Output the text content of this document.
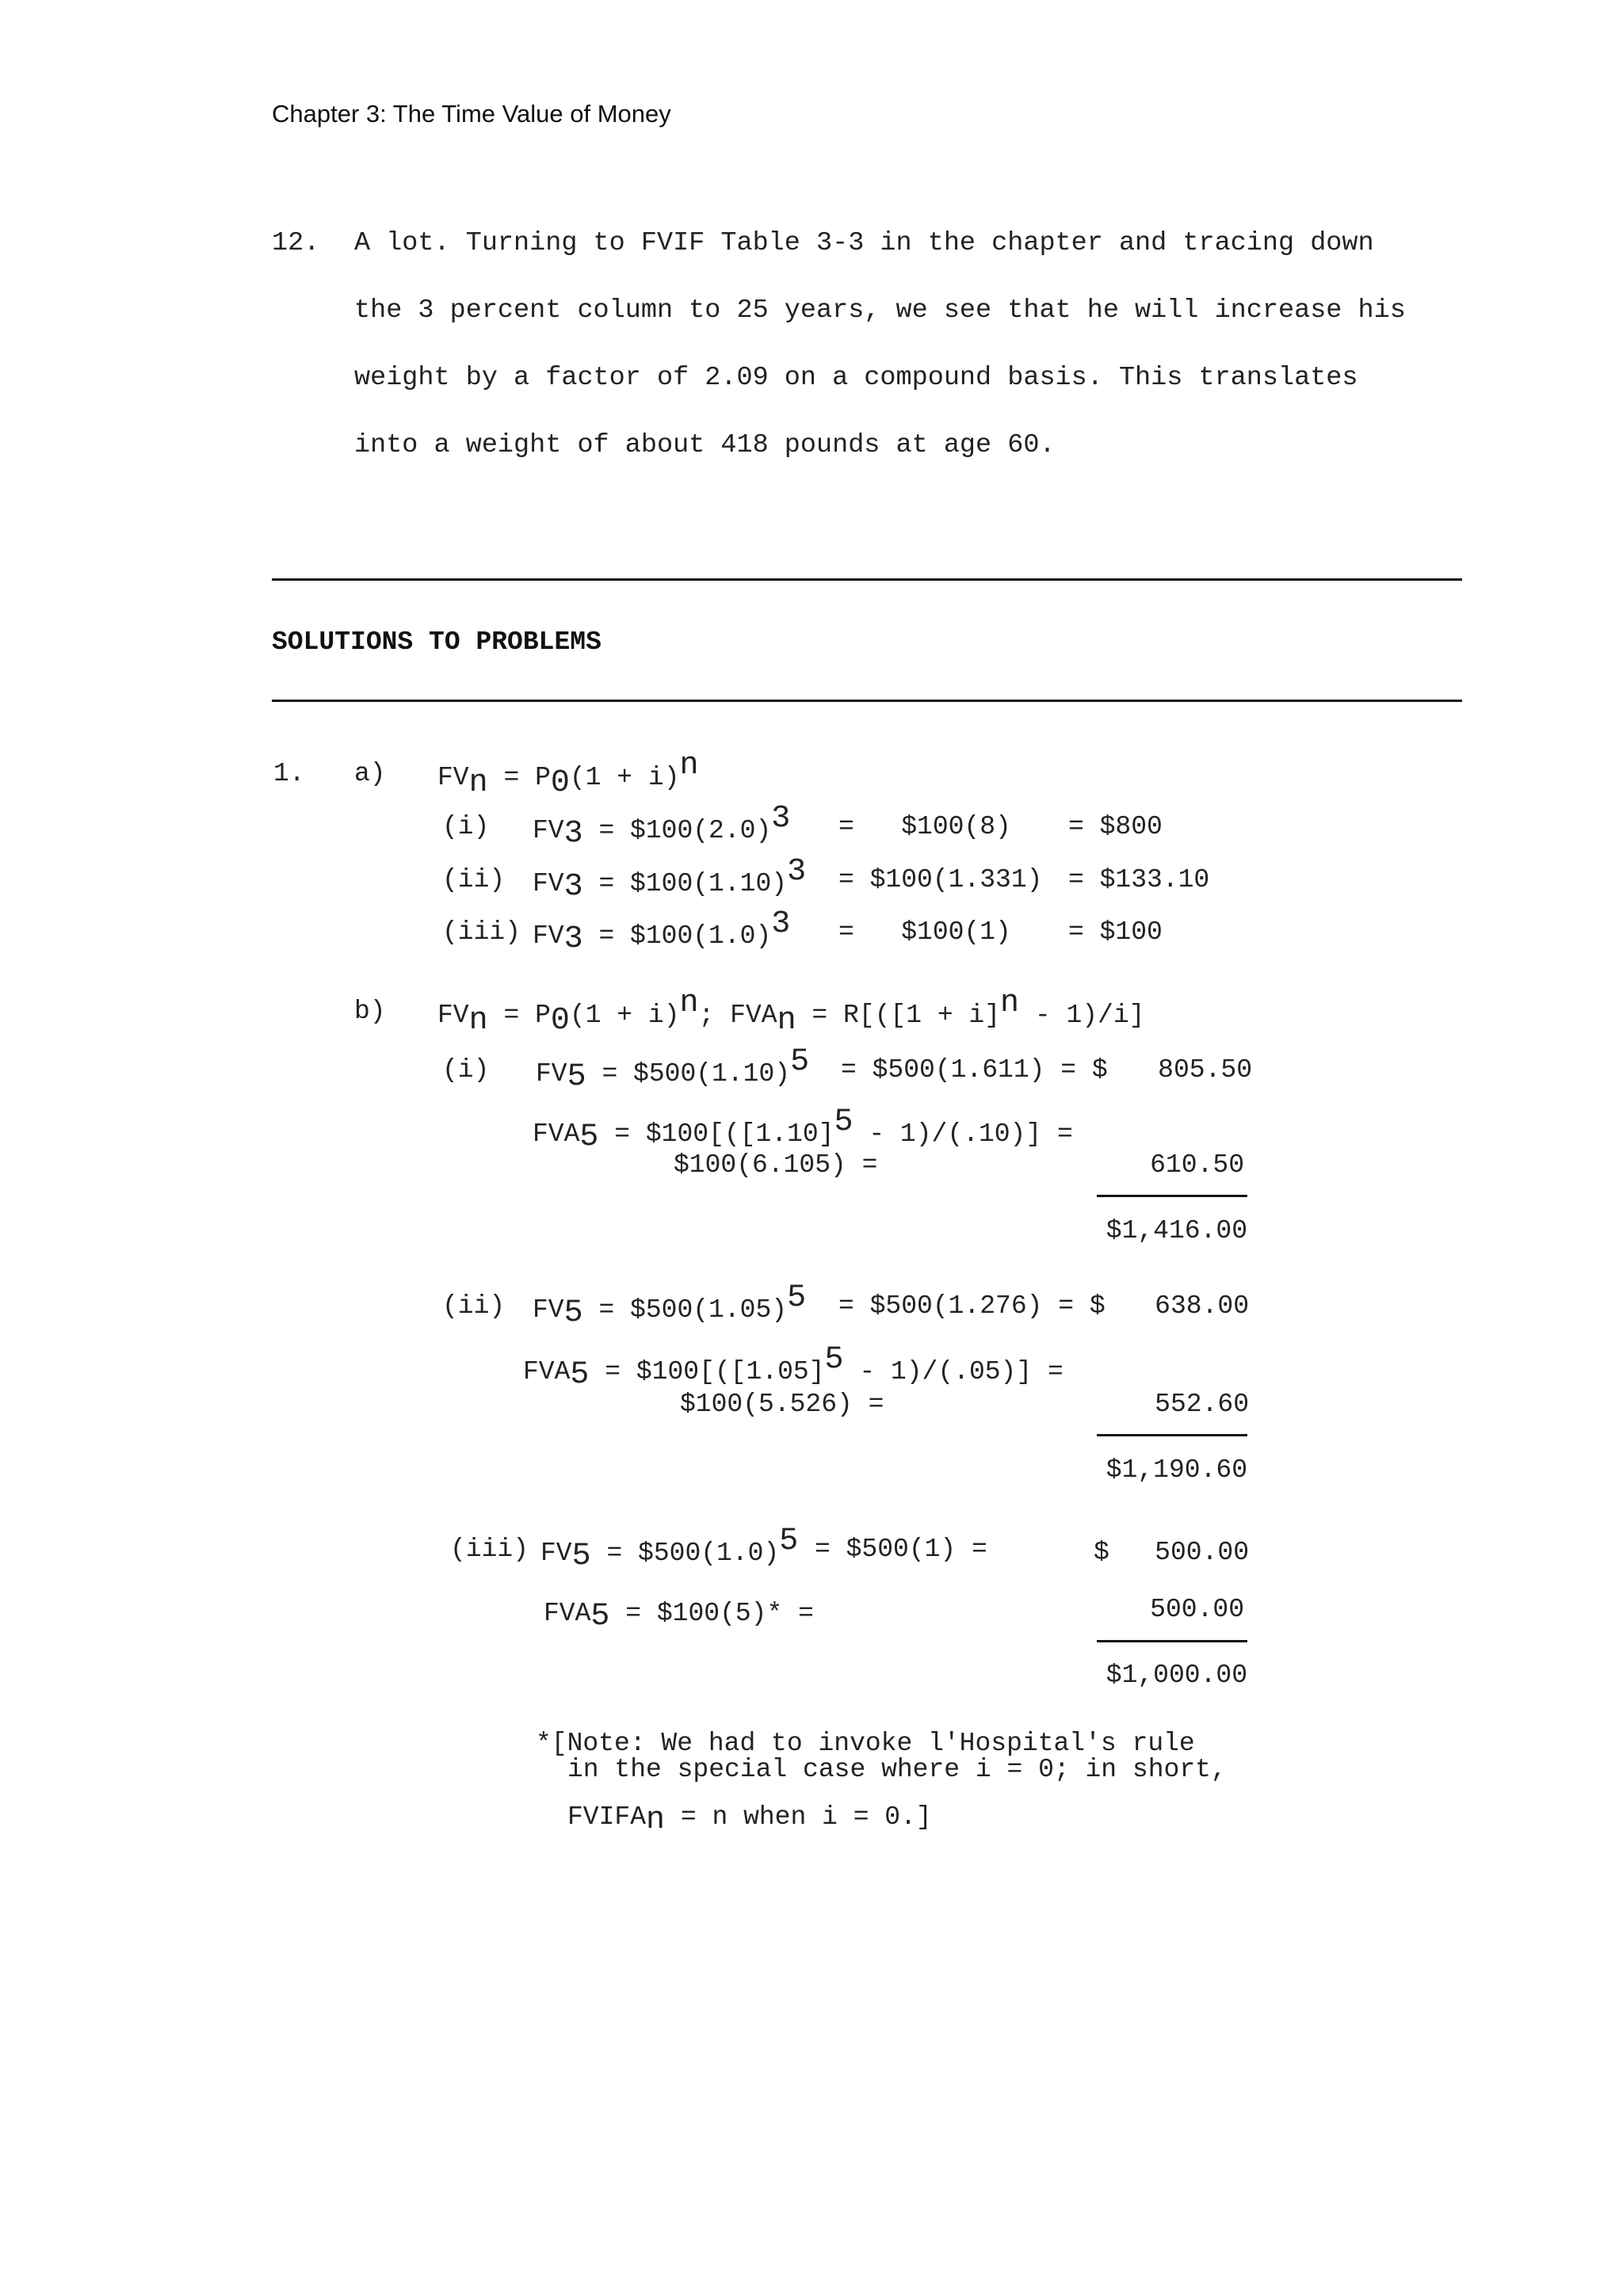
Chapter 3: The Time Value of Money
12. A lot. Turning to FVIF Table 3-3 in the chapter and tracing down
the 3 percent column to 25 years, we see that he will increase his
weight by a factor of 2.09 on a compound basis. This translates
into a weight of about 418 pounds at age 60.
SOLUTIONS TO PROBLEMS
1. a) FVn = P0(1 + i)n
(i) FV3 = $100(2.0)3 =   $100(8) = $800
(ii) FV3 = $100(1.10)3 = $100(1.331) = $133.10
(iii) FV3 = $100(1.0)3 =   $100(1) = $100
b) FVn = P0(1 + i)n; FVAn = R[([1 + i]n - 1)/i]
(i) FV5 = $500(1.10)5 = $500(1.611) = $	805.50
FVA5 = $100[([1.10]5 - 1)/(.10)] =
$100(6.105) =	610.50
$1,416.00
(ii) FV5 = $500(1.05)5 = $500(1.276) = $	638.00
FVA5 = $100[([1.05]5 - 1)/(.05)] =
$100(5.526) =	552.60
$1,190.60
(iii) FV5 = $500(1.0)5 = $500(1) =	$	500.00
FVA5 = $100(5)* =	500.00
$1,000.00
*[Note: We had to invoke l'Hospital's rule
in the special case where i = 0; in short,
FVIFAn = n when i = 0.]
